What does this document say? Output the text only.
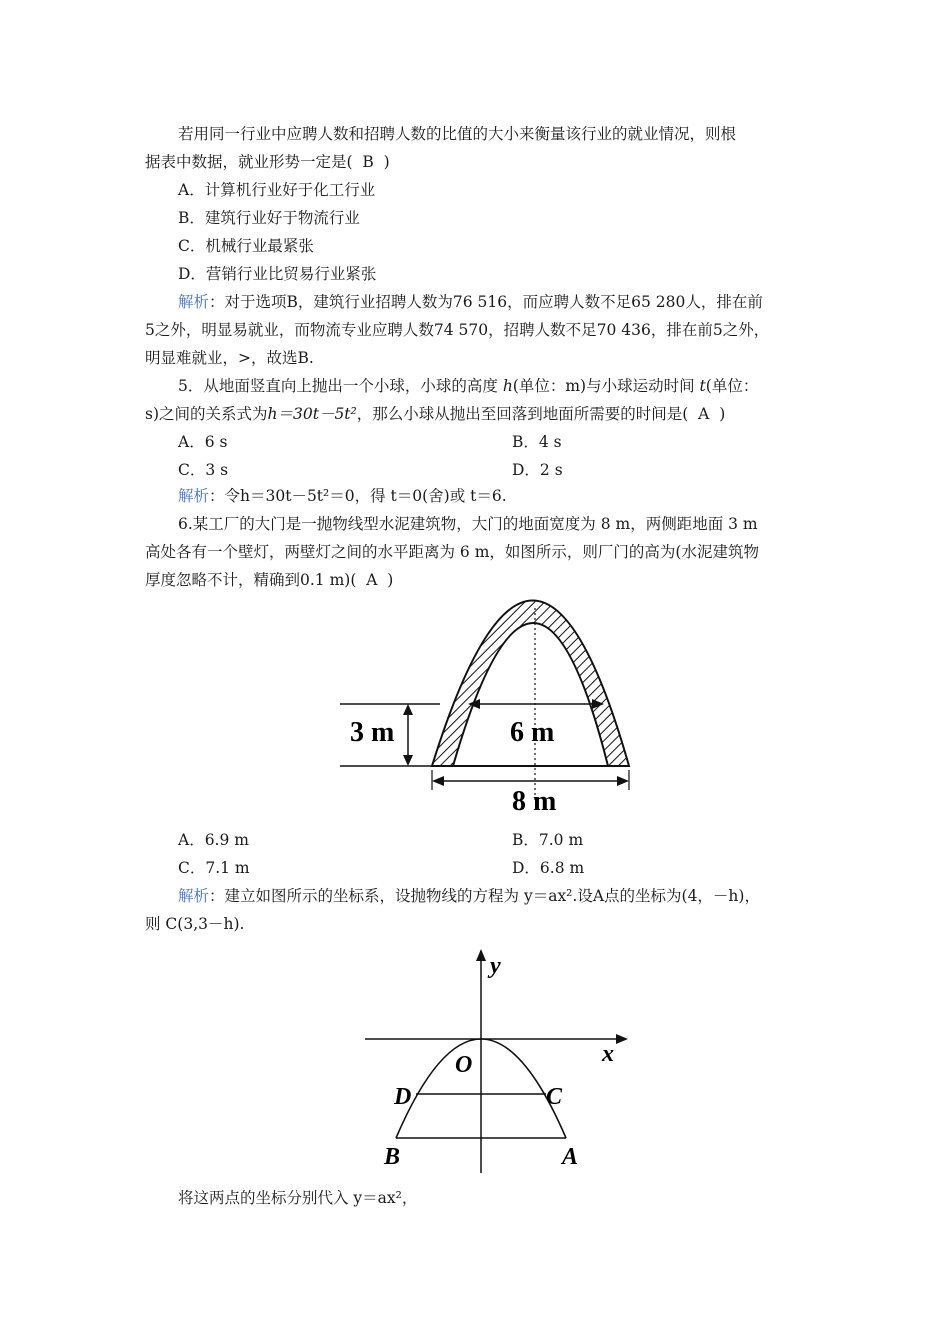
若用同一行业中应聘人数和招聘人数的比值的大小来衡量该行业的就业情况，则根
据表中数据，就业形势一定是(  B  )
A．计算机行业好于化工行业
B．建筑行业好于物流行业
C．机械行业最紧张
D．营销行业比贸易行业紧张
解析：对于选项B，建筑行业招聘人数为76 516，而应聘人数不足65 280人，排在前
5之外，明显易就业，而物流专业应聘人数74 570，招聘人数不足70 436，排在前5之外，
明显难就业，>，故选B.
5．从地面竖直向上抛出一个小球，小球的高度 h(单位：m)与小球运动时间 t(单位：
s)之间的关系式为h＝30t－5t²，那么小球从抛出至回落到地面所需要的时间是(  A  )
A．6 s	B．4 s
C．3 s	D．2 s
解析：令h＝30t－5t²＝0，得 t＝0(舍)或 t＝6.
6.某工厂的大门是一抛物线型水泥建筑物，大门的地面宽度为 8 m，两侧距地面 3 m
高处各有一个壁灯，两壁灯之间的水平距离为 6 m，如图所示，则厂门的高为(水泥建筑物
厚度忽略不计，精确到0.1 m)(  A  )
3 m	6 m
8 m
A．6.9 m	B．7.0 m
C．7.1 m	D．6.8 m
解析：建立如图所示的坐标系，设抛物线的方程为 y＝ax².设A点的坐标为(4，－h)，
则 C(3,3－h).
y
x
O
D	C
B	A
将这两点的坐标分别代入 y＝ax²，
